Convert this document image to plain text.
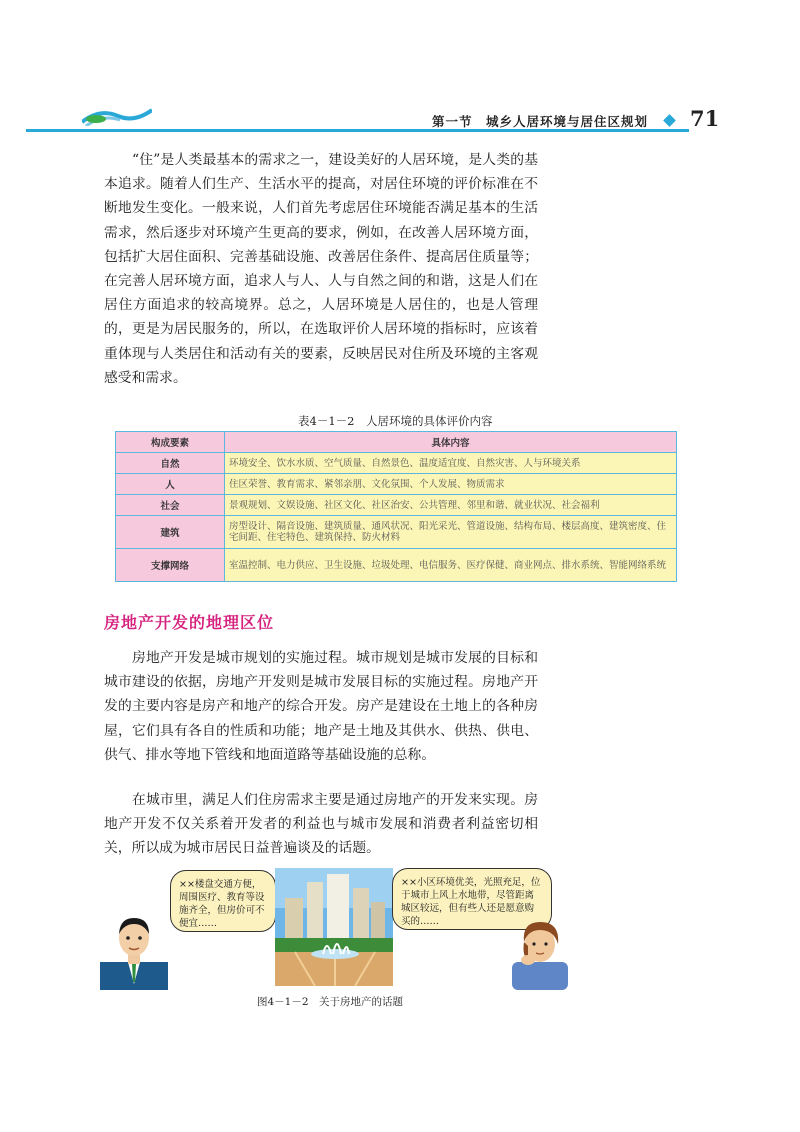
第一节　城乡人居环境与居住区规划 71

“住”是人类最基本的需求之一，建设美好的人居环境，是人类的基本追求。随着人们生产、生活水平的提高，对居住环境的评价标准在不断地发生变化。一般来说，人们首先考虑居住环境能否满足基本的生活需求，然后逐步对环境产生更高的要求，例如，在改善人居环境方面，包括扩大居住面积、完善基础设施、改善居住条件、提高居住质量等；在完善人居环境方面，追求人与人、人与自然之间的和谐，这是人们在居住方面追求的较高境界。总之，人居环境是人居住的，也是人管理的，更是为居民服务的，所以，在选取评价人居环境的指标时，应该着重体现与人类居住和活动有关的要素，反映居民对住所及环境的主客观感受和需求。

表4－1－2　人居环境的具体评价内容
构成要素	具体内容
自然	环境安全、饮水水质、空气质量、自然景色、温度适宜度、自然灾害、人与环境关系
人	住区荣誉、教育需求、紧邻亲朋、文化氛围、个人发展、物质需求
社会	景观规划、文娱设施、社区文化、社区治安、公共管理、邻里和谐、就业状况、社会福利
建筑	房型设计、隔音设施、建筑质量、通风状况、阳光采光、管道设施、结构布局、楼层高度、建筑密度、住宅间距、住宅特色、建筑保持、防火材料
支撑网络	室温控制、电力供应、卫生设施、垃圾处理、电信服务、医疗保健、商业网点、排水系统、智能网络系统
房地产开发的地理区位

房地产开发是城市规划的实施过程。城市规划是城市发展的目标和城市建设的依据，房地产开发则是城市发展目标的实施过程。房地产开发的主要内容是房产和地产的综合开发。房产是建设在土地上的各种房屋，它们具有各自的性质和功能；地产是土地及其供水、供热、供电、供气、排水等地下管线和地面道路等基础设施的总称。

在城市里，满足人们住房需求主要是通过房地产的开发来实现。房地产开发不仅关系着开发者的利益也与城市发展和消费者利益密切相关，所以成为城市居民日益普遍谈及的话题。

××楼盘交通方便，周围医疗、教育等设施齐全，但房价可不便宜……
××小区环境优美，光照充足，位于城市上风上水地带，尽管距离城区较远，但有些人还是愿意购买的……
图4－1－2　关于房地产的话题
